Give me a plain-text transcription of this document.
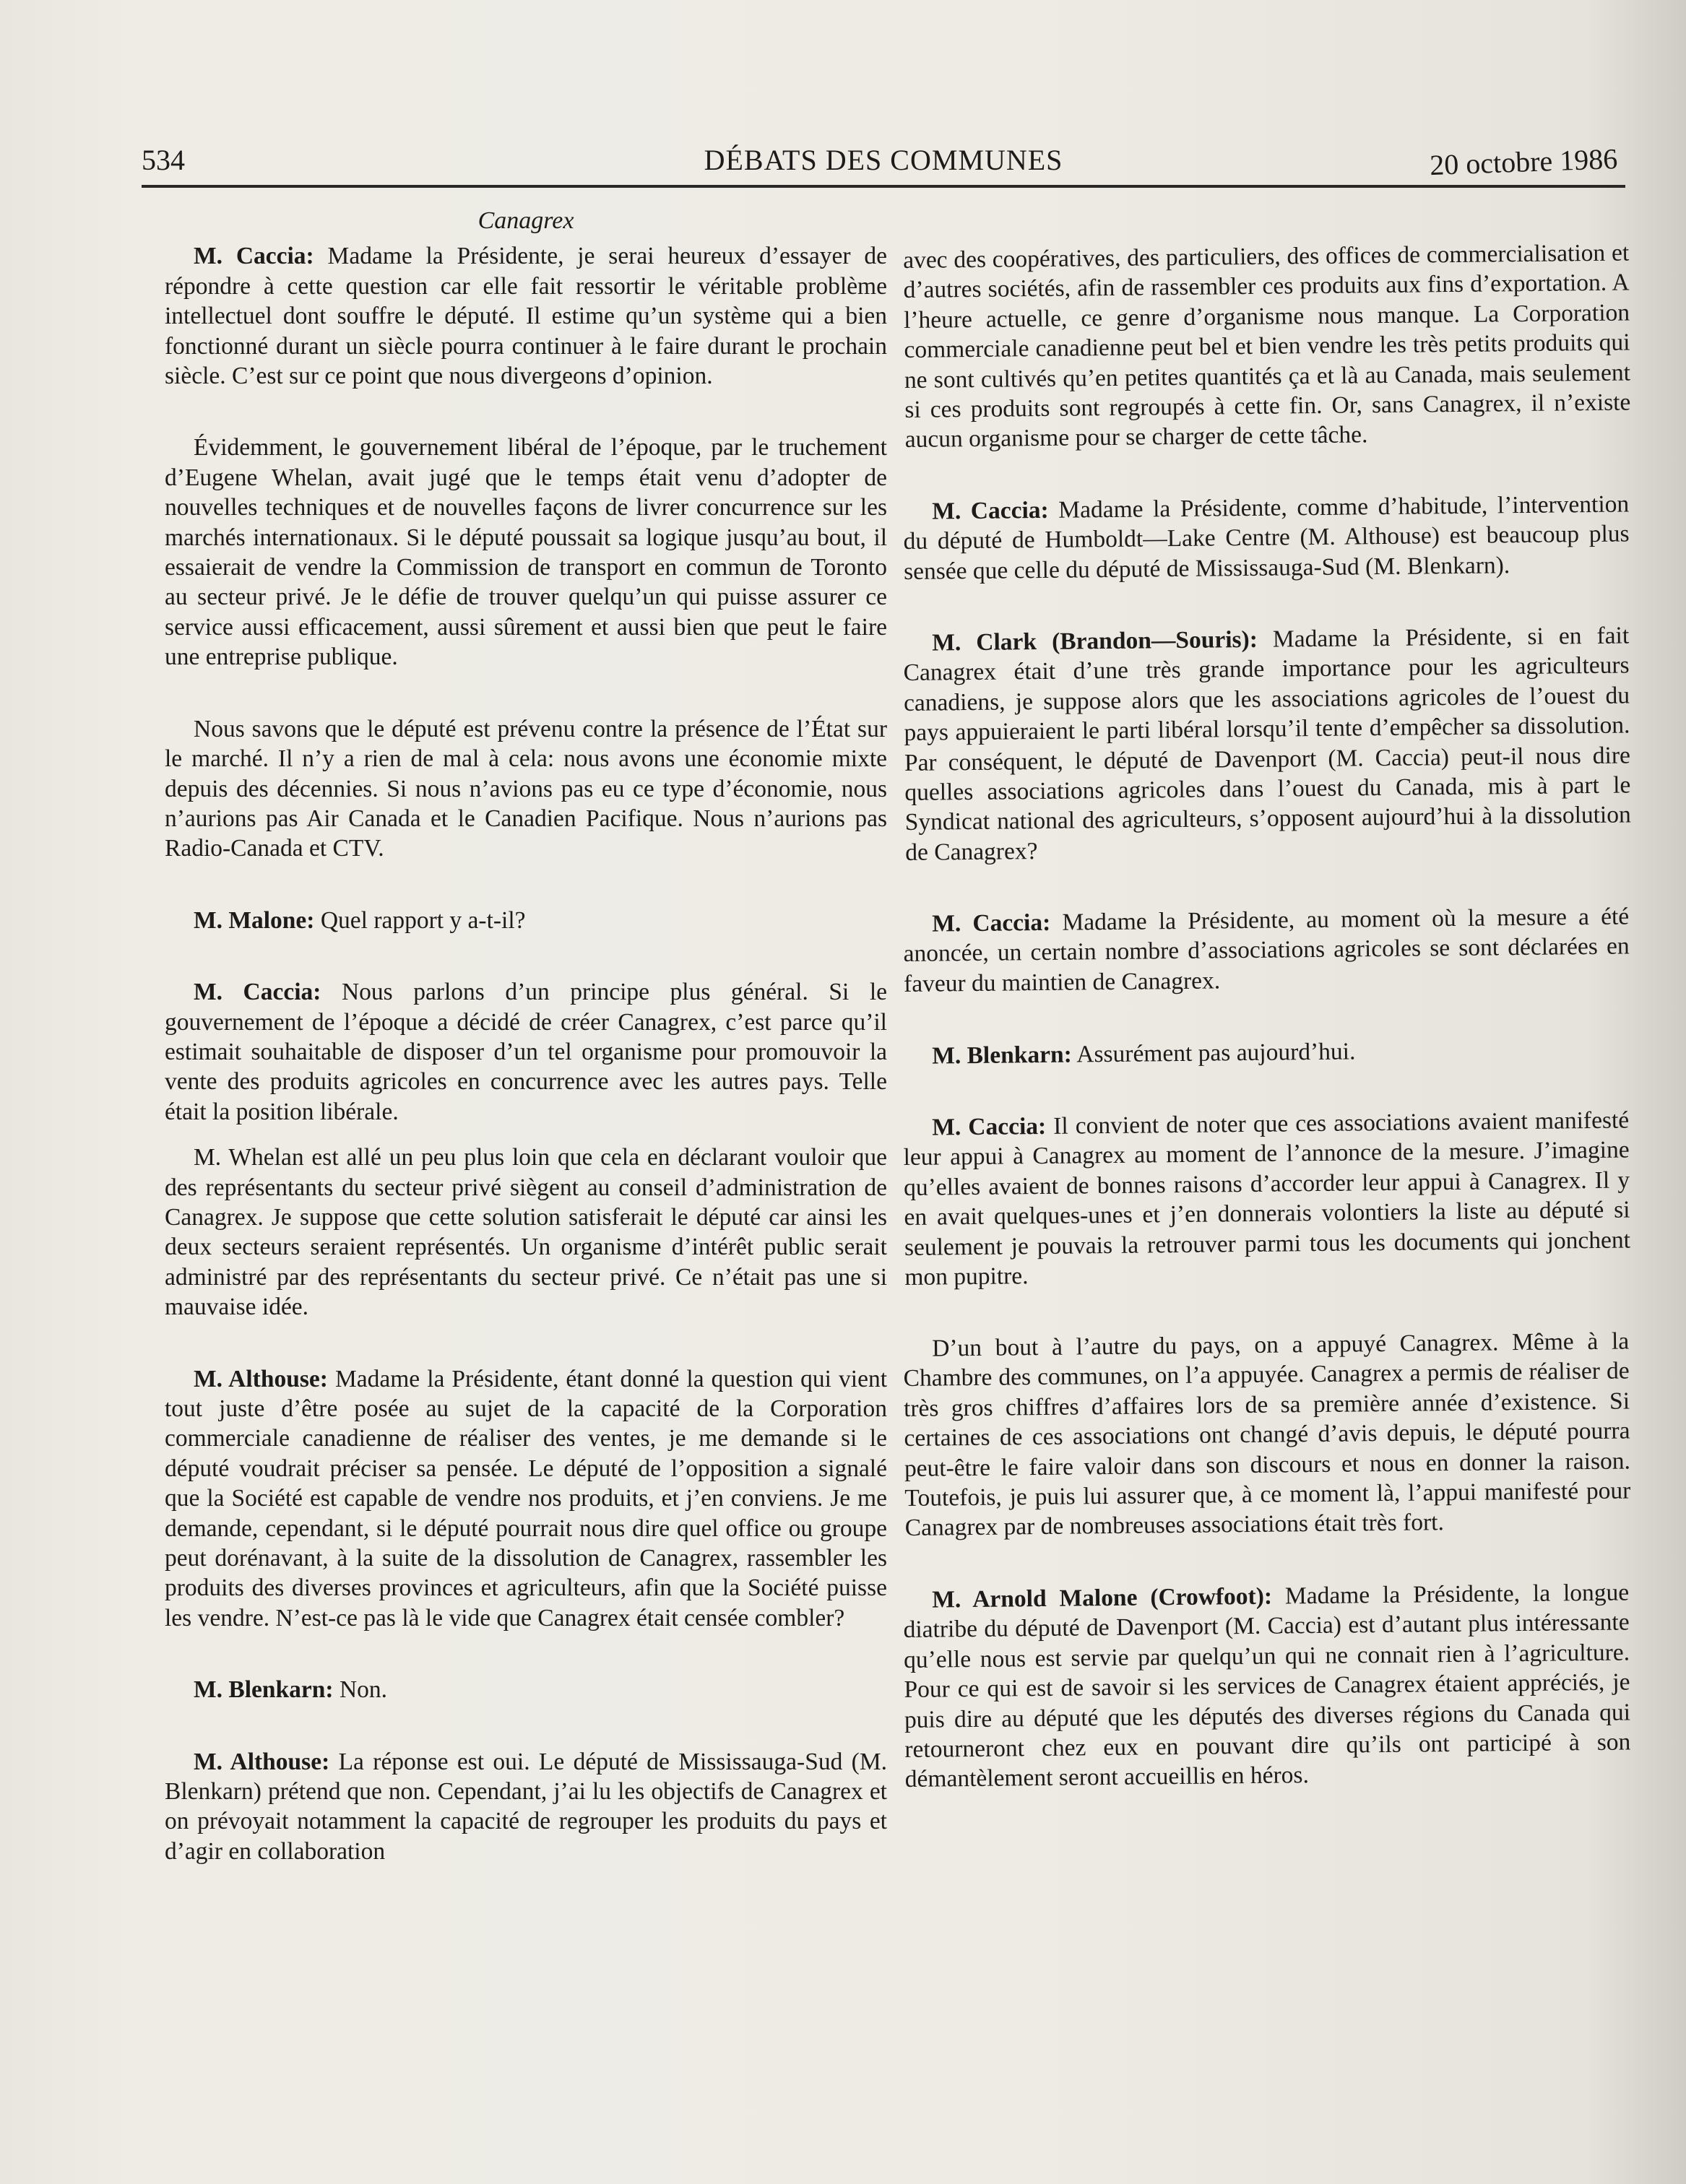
534	DÉBATS DES COMMUNES	20 octobre 1986
Canagrex

M. Caccia: Madame la Présidente, je serai heureux d’essayer de répondre à cette question car elle fait ressortir le véritable problème intellectuel dont souffre le député. Il estime qu’un système qui a bien fonctionné durant un siècle pourra continuer à le faire durant le prochain siècle. C’est sur ce point que nous divergeons d’opinion.

Évidemment, le gouvernement libéral de l’époque, par le truchement d’Eugene Whelan, avait jugé que le temps était venu d’adopter de nouvelles techniques et de nouvelles façons de livrer concurrence sur les marchés internationaux. Si le député poussait sa logique jusqu’au bout, il essaierait de vendre la Commission de transport en commun de Toronto au secteur privé. Je le défie de trouver quelqu’un qui puisse assurer ce service aussi efficacement, aussi sûrement et aussi bien que peut le faire une entreprise publique.

Nous savons que le député est prévenu contre la présence de l’État sur le marché. Il n’y a rien de mal à cela: nous avons une économie mixte depuis des décennies. Si nous n’avions pas eu ce type d’économie, nous n’aurions pas Air Canada et le Canadien Pacifique. Nous n’aurions pas Radio-Canada et CTV.

M. Malone: Quel rapport y a-t-il?

M. Caccia: Nous parlons d’un principe plus général. Si le gouvernement de l’époque a décidé de créer Canagrex, c’est parce qu’il estimait souhaitable de disposer d’un tel organisme pour promouvoir la vente des produits agricoles en concurrence avec les autres pays. Telle était la position libérale.

M. Whelan est allé un peu plus loin que cela en déclarant vouloir que des représentants du secteur privé siègent au conseil d’administration de Canagrex. Je suppose que cette solution satisferait le député car ainsi les deux secteurs seraient représentés. Un organisme d’intérêt public serait administré par des représentants du secteur privé. Ce n’était pas une si mauvaise idée.

M. Althouse: Madame la Présidente, étant donné la question qui vient tout juste d’être posée au sujet de la capacité de la Corporation commerciale canadienne de réaliser des ventes, je me demande si le député voudrait préciser sa pensée. Le député de l’opposition a signalé que la Société est capable de vendre nos produits, et j’en conviens. Je me demande, cependant, si le député pourrait nous dire quel office ou groupe peut dorénavant, à la suite de la dissolution de Canagrex, rassembler les produits des diverses provinces et agriculteurs, afin que la Société puisse les vendre. N’est-ce pas là le vide que Canagrex était censée combler?

M. Blenkarn: Non.

M. Althouse: La réponse est oui. Le député de Mississauga-Sud (M. Blenkarn) prétend que non. Cependant, j’ai lu les objectifs de Canagrex et on prévoyait notamment la capacité de regrouper les produits du pays et d’agir en collaboration

avec des coopératives, des particuliers, des offices de commercialisation et d’autres sociétés, afin de rassembler ces produits aux fins d’exportation. A l’heure actuelle, ce genre d’organisme nous manque. La Corporation commerciale canadienne peut bel et bien vendre les très petits produits qui ne sont cultivés qu’en petites quantités ça et là au Canada, mais seulement si ces produits sont regroupés à cette fin. Or, sans Canagrex, il n’existe aucun organisme pour se charger de cette tâche.

M. Caccia: Madame la Présidente, comme d’habitude, l’intervention du député de Humboldt—Lake Centre (M. Althouse) est beaucoup plus sensée que celle du député de Mississauga-Sud (M. Blenkarn).

M. Clark (Brandon—Souris): Madame la Présidente, si en fait Canagrex était d’une très grande importance pour les agriculteurs canadiens, je suppose alors que les associations agricoles de l’ouest du pays appuieraient le parti libéral lorsqu’il tente d’empêcher sa dissolution. Par conséquent, le député de Davenport (M. Caccia) peut-il nous dire quelles associations agricoles dans l’ouest du Canada, mis à part le Syndicat national des agriculteurs, s’opposent aujourd’hui à la dissolution de Canagrex?

M. Caccia: Madame la Présidente, au moment où la mesure a été anoncée, un certain nombre d’associations agricoles se sont déclarées en faveur du maintien de Canagrex.

M. Blenkarn: Assurément pas aujourd’hui.

M. Caccia: Il convient de noter que ces associations avaient manifesté leur appui à Canagrex au moment de l’annonce de la mesure. J’imagine qu’elles avaient de bonnes raisons d’accorder leur appui à Canagrex. Il y en avait quelques-unes et j’en donnerais volontiers la liste au député si seulement je pouvais la retrouver parmi tous les documents qui jonchent mon pupitre.

D’un bout à l’autre du pays, on a appuyé Canagrex. Même à la Chambre des communes, on l’a appuyée. Canagrex a permis de réaliser de très gros chiffres d’affaires lors de sa première année d’existence. Si certaines de ces associations ont changé d’avis depuis, le député pourra peut-être le faire valoir dans son discours et nous en donner la raison. Toutefois, je puis lui assurer que, à ce moment là, l’appui manifesté pour Canagrex par de nombreuses associations était très fort.

M. Arnold Malone (Crowfoot): Madame la Présidente, la longue diatribe du député de Davenport (M. Caccia) est d’autant plus intéressante qu’elle nous est servie par quelqu’un qui ne connait rien à l’agriculture. Pour ce qui est de savoir si les services de Canagrex étaient appréciés, je puis dire au député que les députés des diverses régions du Canada qui retourneront chez eux en pouvant dire qu’ils ont participé à son démantèlement seront accueillis en héros.
